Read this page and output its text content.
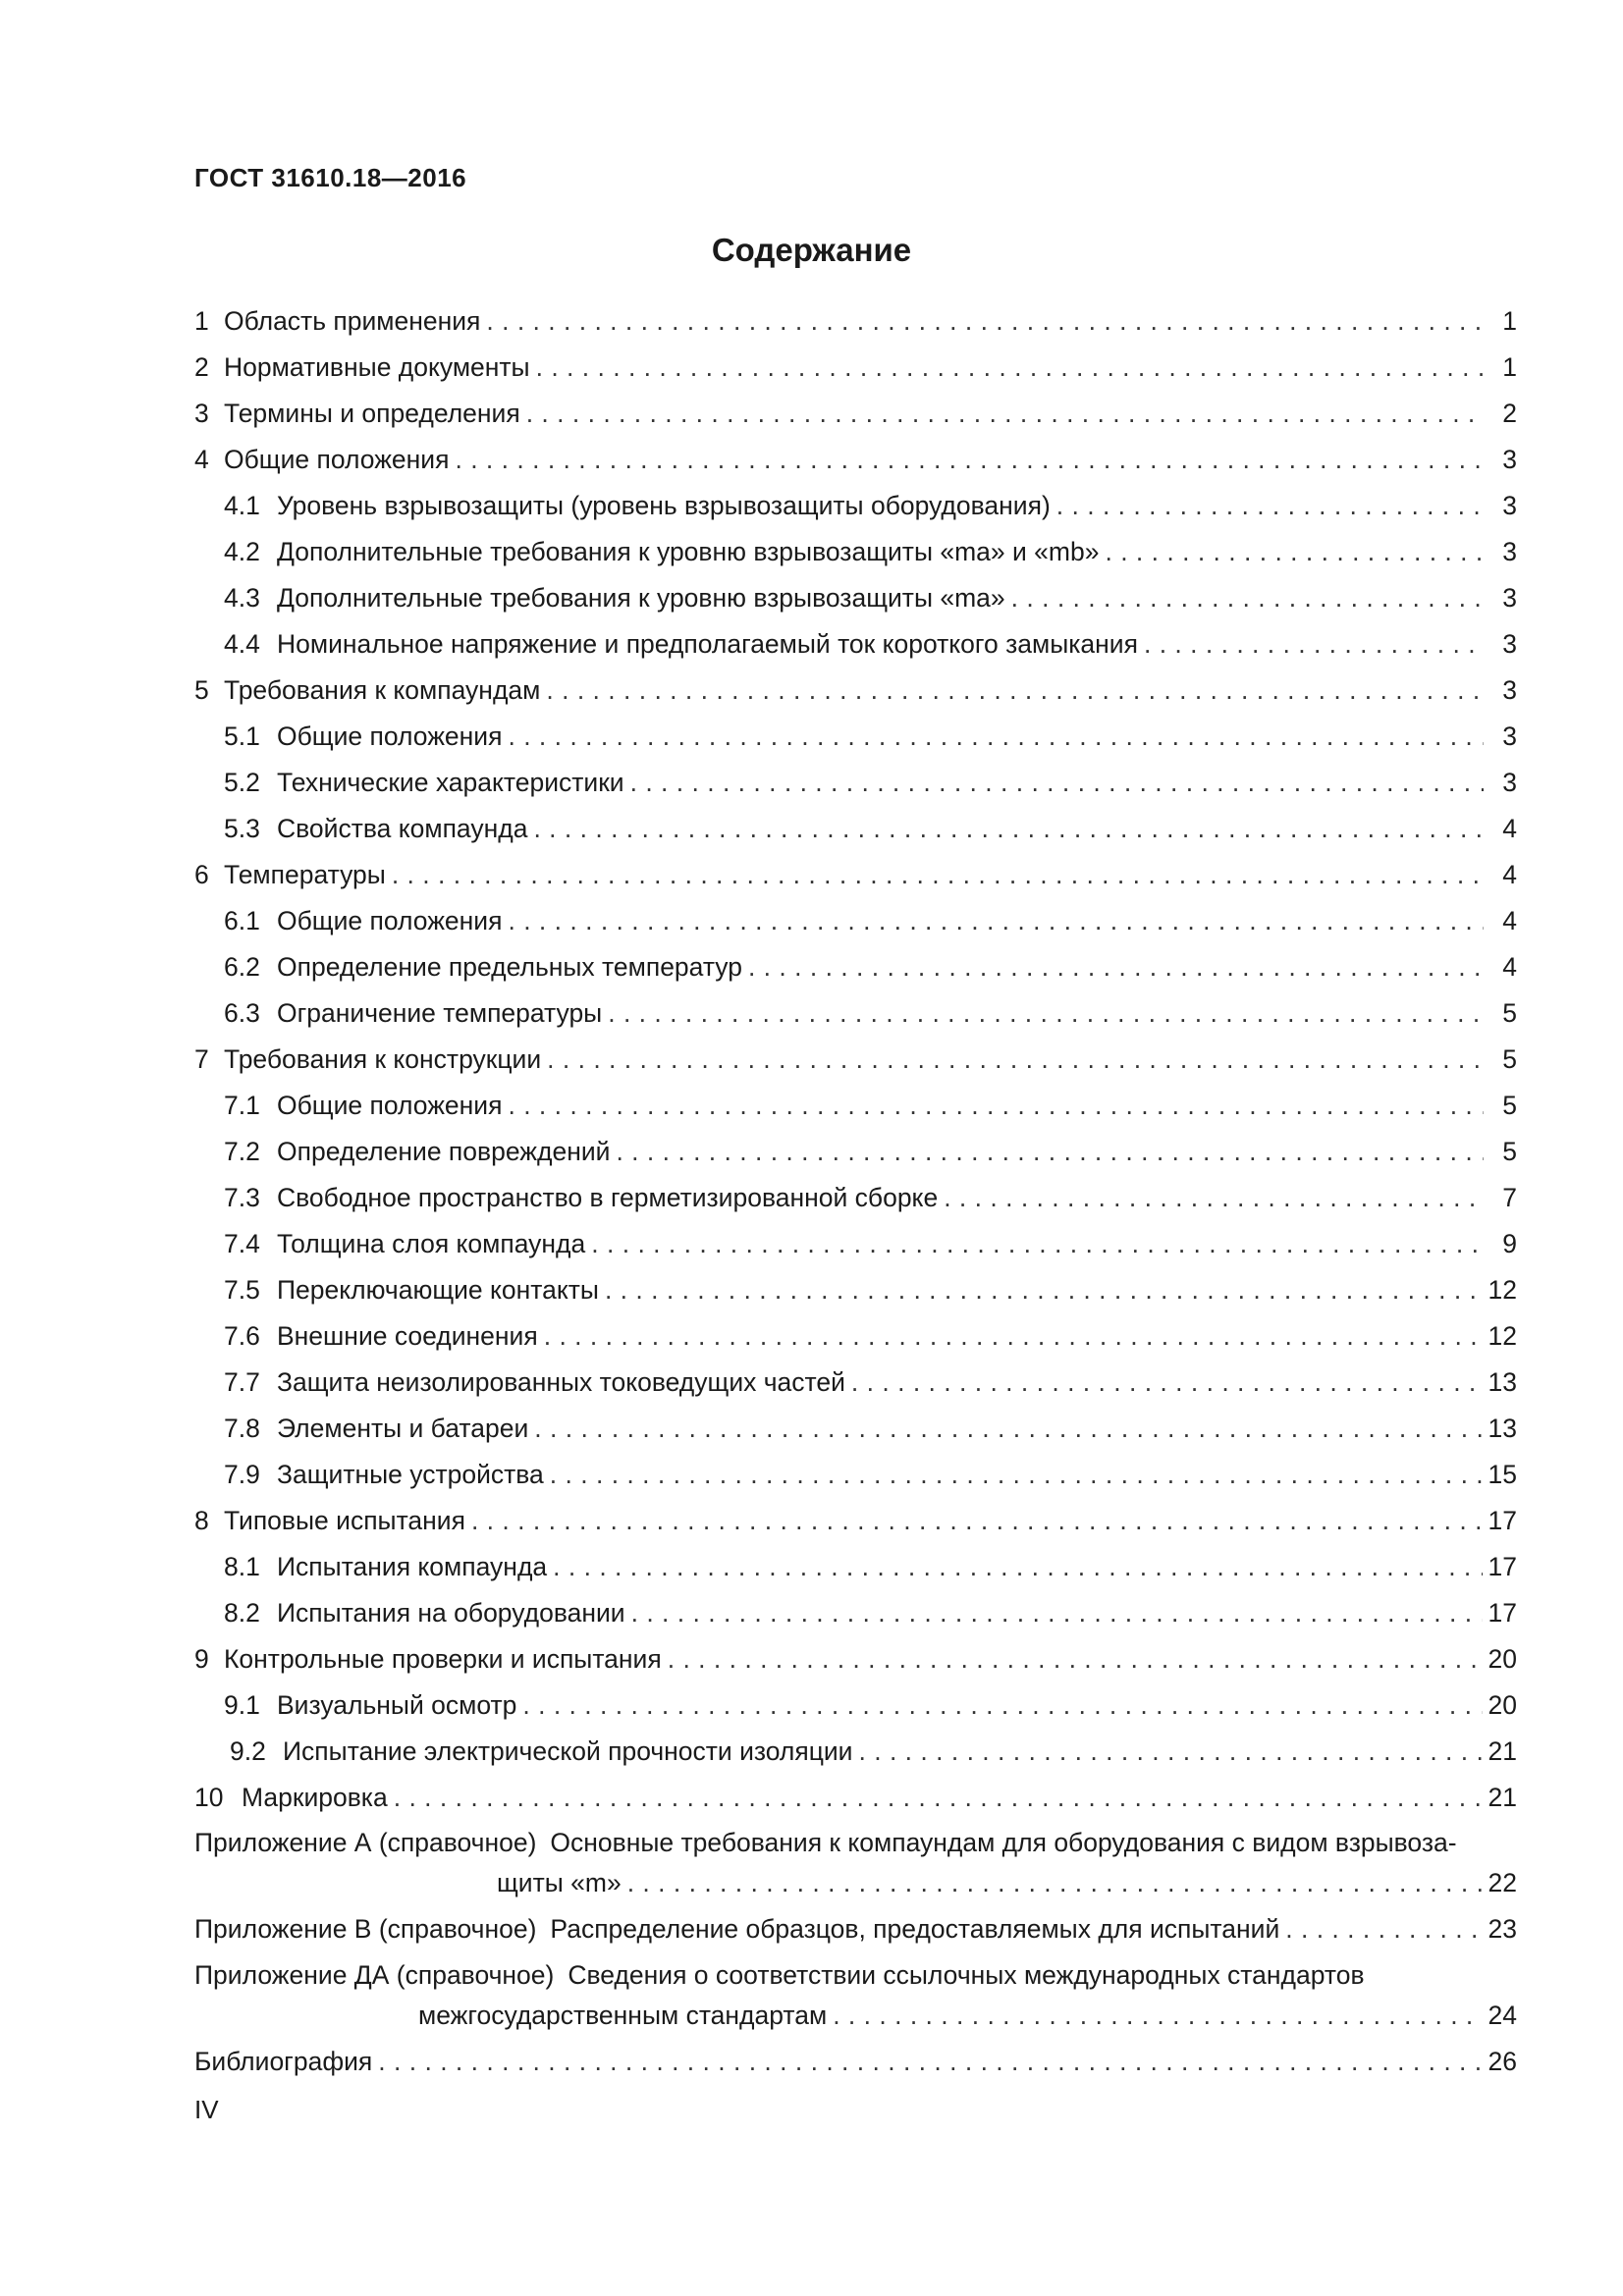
ГОСТ 31610.18—2016
Содержание
1 Область применения . . .	1
2 Нормативные документы . . .	1
3 Термины и определения . . .	2
4 Общие положения . . .	3
4.1 Уровень взрывозащиты (уровень взрывозащиты оборудования) . . .	3
4.2 Дополнительные требования к уровню взрывозащиты «ma» и «mb» . . .	3
4.3 Дополнительные требования к уровню взрывозащиты «ma» . . .	3
4.4 Номинальное напряжение и предполагаемый ток короткого замыкания . . .	3
5 Требования к компаундам . . .	3
5.1 Общие положения . . .	3
5.2 Технические характеристики . . .	3
5.3 Свойства компаунда . . .	4
6 Температуры . . .	4
6.1 Общие положения . . .	4
6.2 Определение предельных температур . . .	4
6.3 Ограничение температуры . . .	5
7 Требования к конструкции . . .	5
7.1 Общие положения . . .	5
7.2 Определение повреждений . . .	5
7.3 Свободное пространство в герметизированной сборке . . .	7
7.4 Толщина слоя компаунда . . .	9
7.5 Переключающие контакты . . .	12
7.6 Внешние соединения . . .	12
7.7 Защита неизолированных токоведущих частей . . .	13
7.8 Элементы и батареи . . .	13
7.9 Защитные устройства . . .	15
8 Типовые испытания . . .	17
8.1 Испытания компаунда . . .	17
8.2 Испытания на оборудовании . . .	17
9 Контрольные проверки и испытания . . .	20
9.1 Визуальный осмотр . . .	20
9.2 Испытание электрической прочности изоляции . . .	21
10 Маркировка . . .	21
Приложение А (справочное) Основные требования к компаундам для оборудования с видом взрывоза-
щиты «m» . . .	22
Приложение В (справочное) Распределение образцов, предоставляемых для испытаний . . .	23
Приложение ДА (справочное) Сведения о соответствии ссылочных международных стандартов
межгосударственным стандартам . . .	24
Библиография . . .	26
IV
